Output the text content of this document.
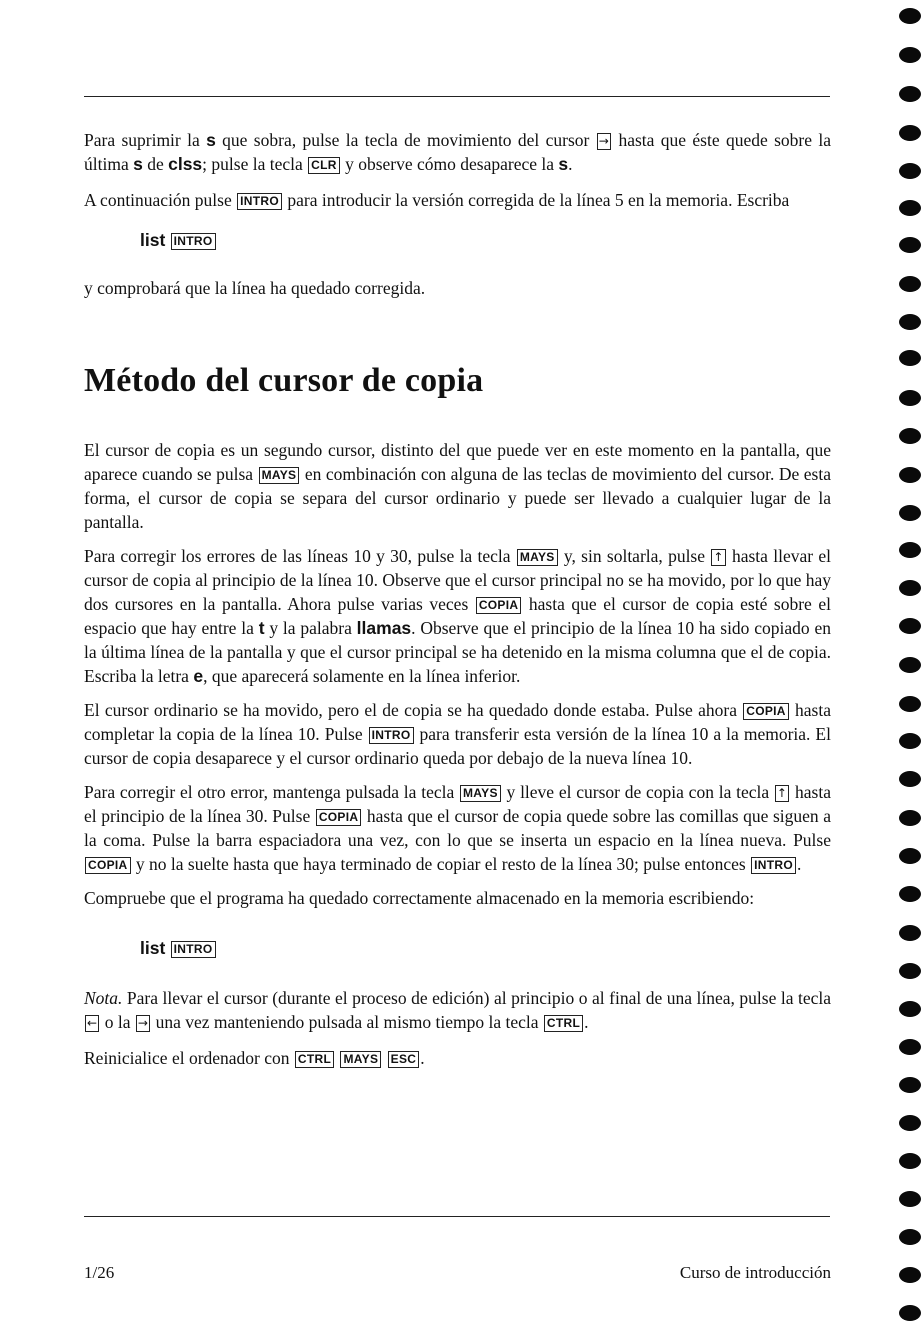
Para suprimir la s que sobra, pulse la tecla de movimiento del cursor → hasta que éste quede sobre la última s de clss; pulse la tecla CLR y observe cómo desaparece la s.

A continuación pulse INTRO para introducir la versión corregida de la línea 5 en la memoria. Escriba

list INTRO

y comprobará que la línea ha quedado corregida.

Método del cursor de copia

El cursor de copia es un segundo cursor, distinto del que puede ver en este momento en la pantalla, que aparece cuando se pulsa MAYS en combinación con alguna de las teclas de movimiento del cursor. De esta forma, el cursor de copia se separa del cursor ordinario y puede ser llevado a cualquier lugar de la pantalla.

Para corregir los errores de las líneas 10 y 30, pulse la tecla MAYS y, sin soltarla, pulse ↑ hasta llevar el cursor de copia al principio de la línea 10. Observe que el cursor principal no se ha movido, por lo que hay dos cursores en la pantalla. Ahora pulse varias veces COPIA hasta que el cursor de copia esté sobre el espacio que hay entre la t y la palabra llamas. Observe que el principio de la línea 10 ha sido copiado en la última línea de la pantalla y que el cursor principal se ha detenido en la misma columna que el de copia. Escriba la letra e, que aparecerá solamente en la línea inferior.

El cursor ordinario se ha movido, pero el de copia se ha quedado donde estaba. Pulse ahora COPIA hasta completar la copia de la línea 10. Pulse INTRO para transferir esta versión de la línea 10 a la memoria. El cursor de copia desaparece y el cursor ordinario queda por debajo de la nueva línea 10.

Para corregir el otro error, mantenga pulsada la tecla MAYS y lleve el cursor de copia con la tecla ↑ hasta el principio de la línea 30. Pulse COPIA hasta que el cursor de copia quede sobre las comillas que siguen a la coma. Pulse la barra espaciadora una vez, con lo que se inserta un espacio en la línea nueva. Pulse COPIA y no la suelte hasta que haya terminado de copiar el resto de la línea 30; pulse entonces INTRO .

Compruebe que el programa ha quedado correctamente almacenado en la memoria escribiendo:

list INTRO

Nota. Para llevar el cursor (durante el proceso de edición) al principio o al final de una línea, pulse la tecla ← o la → una vez manteniendo pulsada al mismo tiempo la tecla CTRL .

Reinicialice el ordenador con CTRL MAYS ESC .

1/26	Curso de introducción
